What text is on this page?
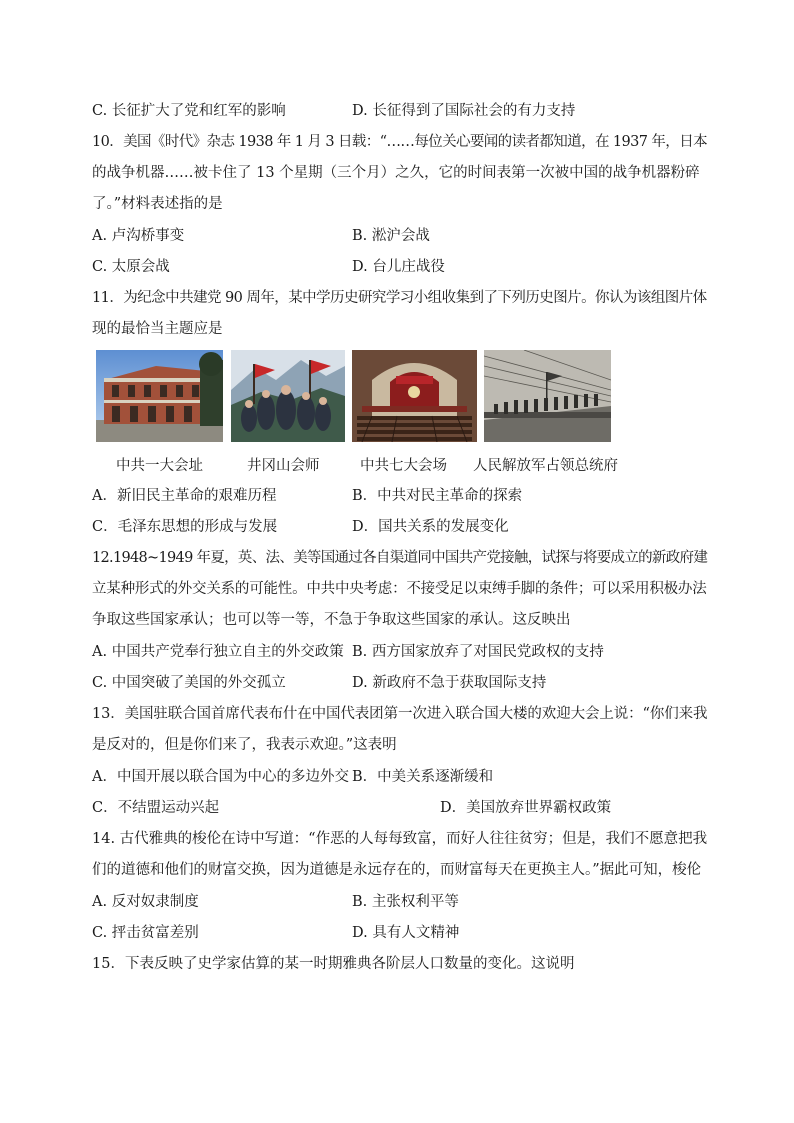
C. 长征扩大了党和红军的影响	D. 长征得到了国际社会的有力支持
10．美国《时代》杂志 1938 年 1 月 3 日载：“……每位关心要闻的读者都知道，在 1937 年，日本
的战争机器……被卡住了 13 个星期（三个月）之久，它的时间表第一次被中国的战争机器粉碎
了。”材料表述指的是
A. 卢沟桥事变	B. 淞沪会战
C. 太原会战	D. 台儿庄战役
11．为纪念中共建党 90 周年，某中学历史研究学习小组收集到了下列历史图片。你认为该组图片体
现的最恰当主题应是
中共一大会址	井冈山会师	中共七大会场 人民解放军占领总统府
A．新旧民主革命的艰难历程	B．中共对民主革命的探索
C．毛泽东思想的形成与发展	D．国共关系的发展变化
12.1948~1949 年夏，英、法、美等国通过各自渠道同中国共产党接触，试探与将要成立的新政府建
立某种形式的外交关系的可能性。中共中央考虑：不接受足以束缚手脚的条件；可以采用积极办法
争取这些国家承认；也可以等一等，不急于争取这些国家的承认。这反映出
A. 中国共产党奉行独立自主的外交政策 B. 西方国家放弃了对国民党政权的支持
C. 中国突破了美国的外交孤立	D. 新政府不急于获取国际支持
13．美国驻联合国首席代表布什在中国代表团第一次进入联合国大楼的欢迎大会上说：“你们来我
是反对的，但是你们来了，我表示欢迎。”这表明
A．中国开展以联合国为中心的多边外交 B．中美关系逐渐缓和
C．不结盟运动兴起	D．美国放弃世界霸权政策
14. 古代雅典的梭伦在诗中写道：“作恶的人每每致富，而好人往往贫穷；但是，我们不愿意把我
们的道德和他们的财富交换，因为道德是永远存在的，而财富每天在更换主人。”据此可知，梭伦
A. 反对奴隶制度	B. 主张权利平等
C. 抨击贫富差别	D. 具有人文精神
15．下表反映了史学家估算的某一时期雅典各阶层人口数量的变化。这说明
